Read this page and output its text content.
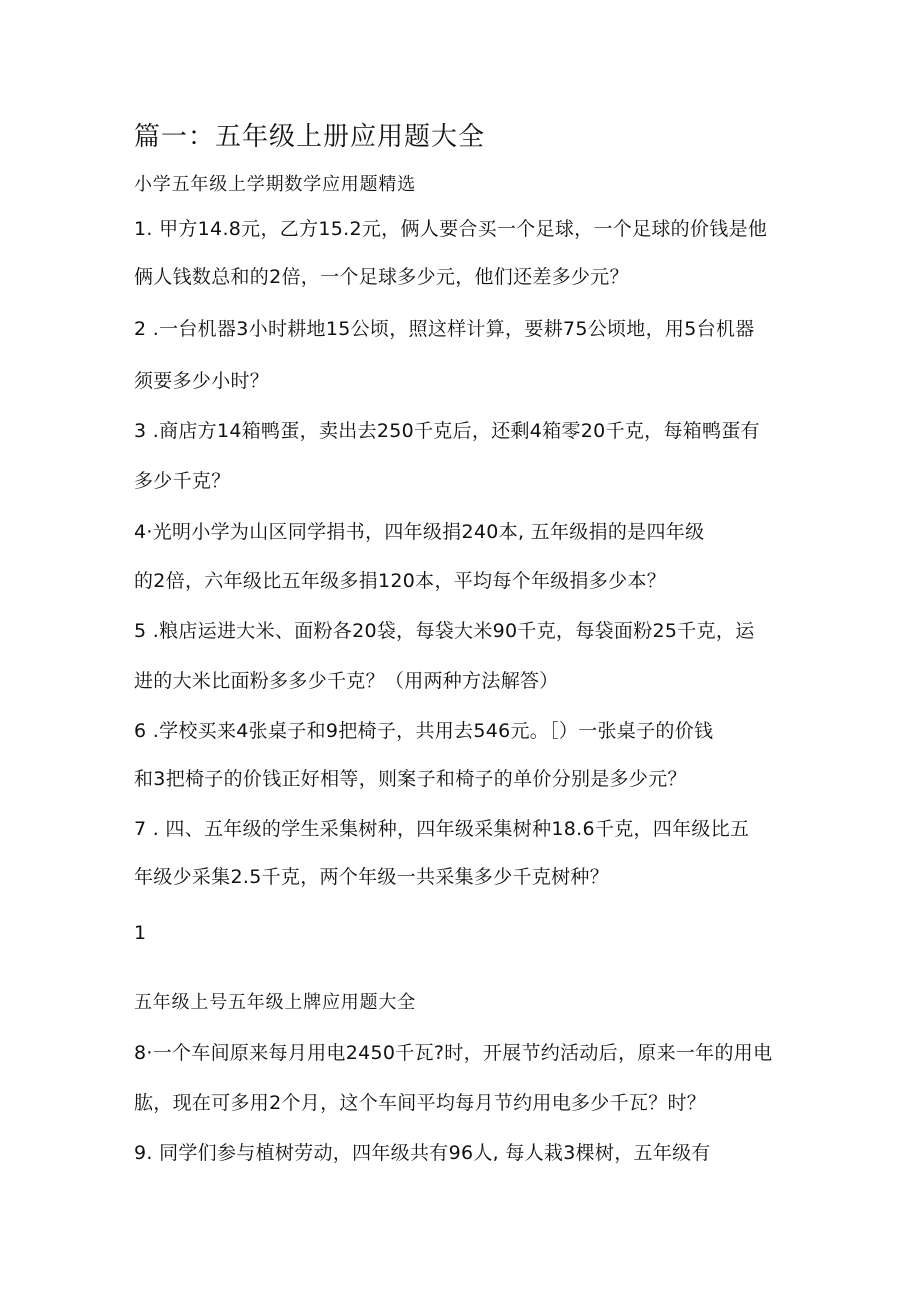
篇一：五年级上册应用题大全
小学五年级上学期数学应用题精选
1. 甲方14.8元，乙方15.2元，俩人要合买一个足球，一个足球的价钱是他
俩人钱数总和的2倍，一个足球多少元，他们还差多少元？
2 .一台机器3小时耕地15公顷，照这样计算，要耕75公顷地，用5台机器
须要多少小时？
3 .商店方14箱鸭蛋，卖出去250千克后，还剩4箱零20千克，每箱鸭蛋有
多少千克？
4·光明小学为山区同学捐书，四年级捐240本, 五年级捐的是四年级
的2倍，六年级比五年级多捐120本，平均每个年级捐多少本？
5 .粮店运进大米、面粉各20袋，每袋大米90千克，每袋面粉25千克，运
进的大米比面粉多多少千克？（用两种方法解答）
6 .学校买来4张桌子和9把椅子，共用去546元。［）一张桌子的价钱
和3把椅子的价钱正好相等，则案子和椅子的单价分别是多少元？
7 . 四、五年级的学生采集树种，四年级采集树种18.6千克，四年级比五
年级少采集2.5千克，两个年级一共采集多少千克树种？
1
五年级上号五年级上牌应用题大全
8·一个车间原来每月用电2450千瓦?时，开展节约活动后，原来一年的用电
肱，现在可多用2个月，这个车间平均每月节约用电多少千瓦？时？
9. 同学们参与植树劳动，四年级共有96人, 每人栽3棵树，五年级有
